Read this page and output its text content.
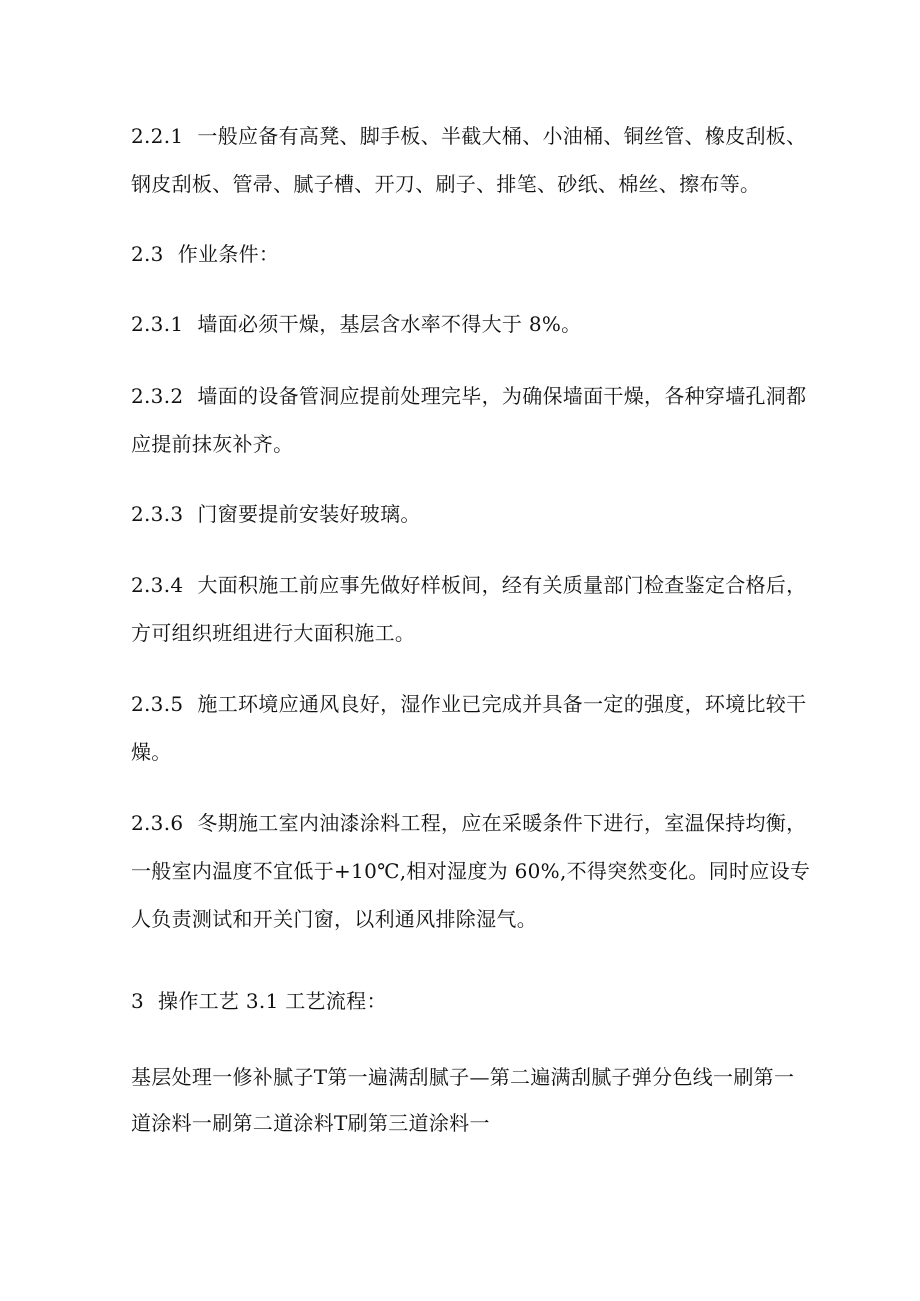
2.2.1 一般应备有高凳、脚手板、半截大桶、小油桶、铜丝管、橡皮刮板、钢皮刮板、管帚、腻子槽、开刀、刷子、排笔、砂纸、棉丝、擦布等。

2.3 作业条件：

2.3.1 墙面必须干燥，基层含水率不得大于 8%。

2.3.2 墙面的设备管洞应提前处理完毕，为确保墙面干燥，各种穿墙孔洞都应提前抹灰补齐。

2.3.3 门窗要提前安装好玻璃。

2.3.4 大面积施工前应事先做好样板间，经有关质量部门检查鉴定合格后，方可组织班组进行大面积施工。

2.3.5 施工环境应通风良好，湿作业已完成并具备一定的强度，环境比较干燥。

2.3.6 冬期施工室内油漆涂料工程，应在采暖条件下进行，室温保持均衡，一般室内温度不宜低于+10℃,相对湿度为 60%,不得突然变化。同时应设专人负责测试和开关门窗，以利通风排除湿气。

3 操作工艺 3.1 工艺流程：

基层处理一修补腻子T第一遍满刮腻子—第二遍满刮腻子弹分色线一刷第一道涂料一刷第二道涂料T刷第三道涂料一
